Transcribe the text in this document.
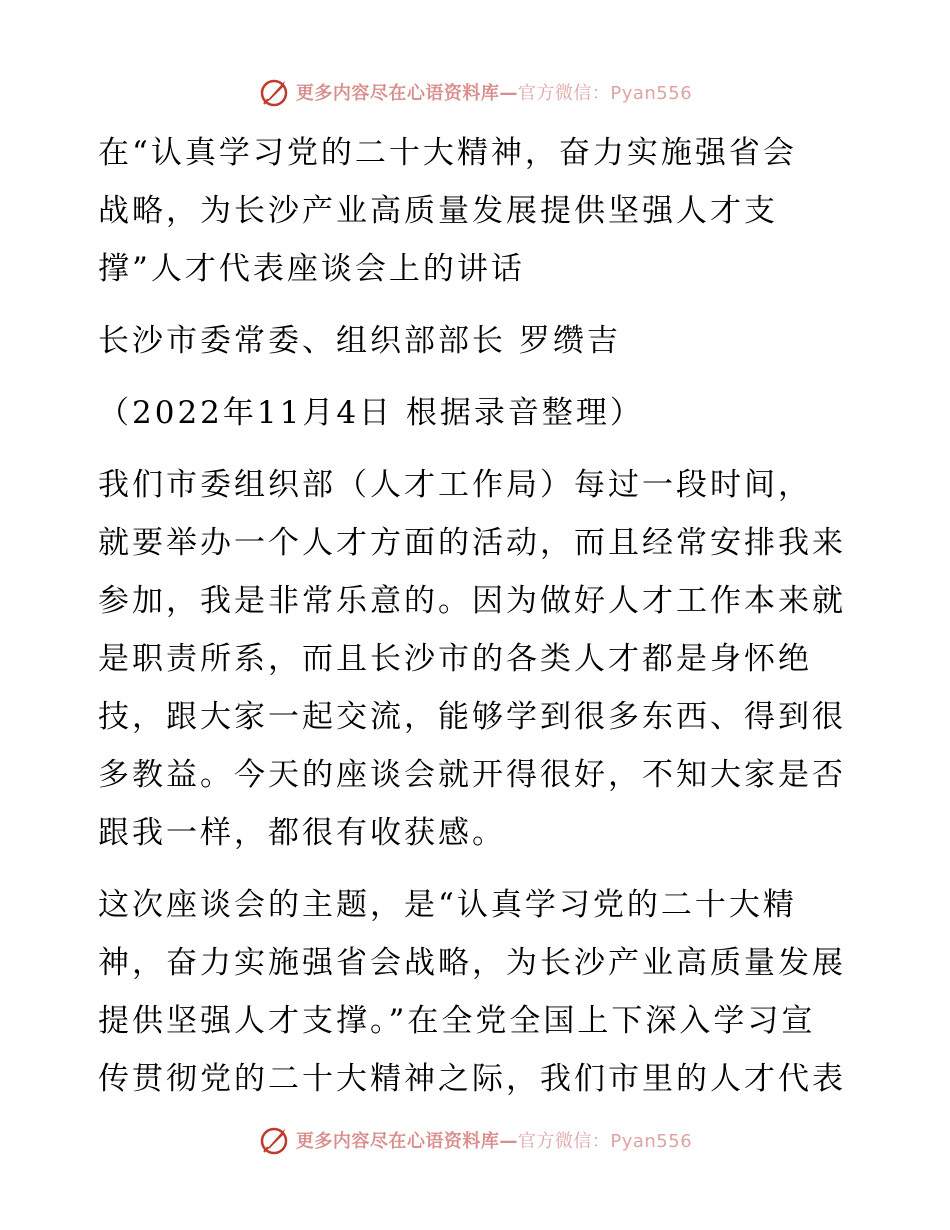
更多内容尽在心语资料库—官方微信：Pyan556
在“认真学习党的二十大精神，奋力实施强省会
战略，为长沙产业高质量发展提供坚强人才支
撑”人才代表座谈会上的讲话
长沙市委常委、组织部部长 罗缵吉
（2022年11月4日 根据录音整理）
我们市委组织部（人才工作局）每过一段时间，
就要举办一个人才方面的活动，而且经常安排我来
参加，我是非常乐意的。因为做好人才工作本来就
是职责所系，而且长沙市的各类人才都是身怀绝
技，跟大家一起交流，能够学到很多东西、得到很
多教益。今天的座谈会就开得很好，不知大家是否
跟我一样，都很有收获感。
这次座谈会的主题，是“认真学习党的二十大精
神，奋力实施强省会战略，为长沙产业高质量发展
提供坚强人才支撑。”在全党全国上下深入学习宣
传贯彻党的二十大精神之际，我们市里的人才代表
更多内容尽在心语资料库—官方微信：Pyan556
